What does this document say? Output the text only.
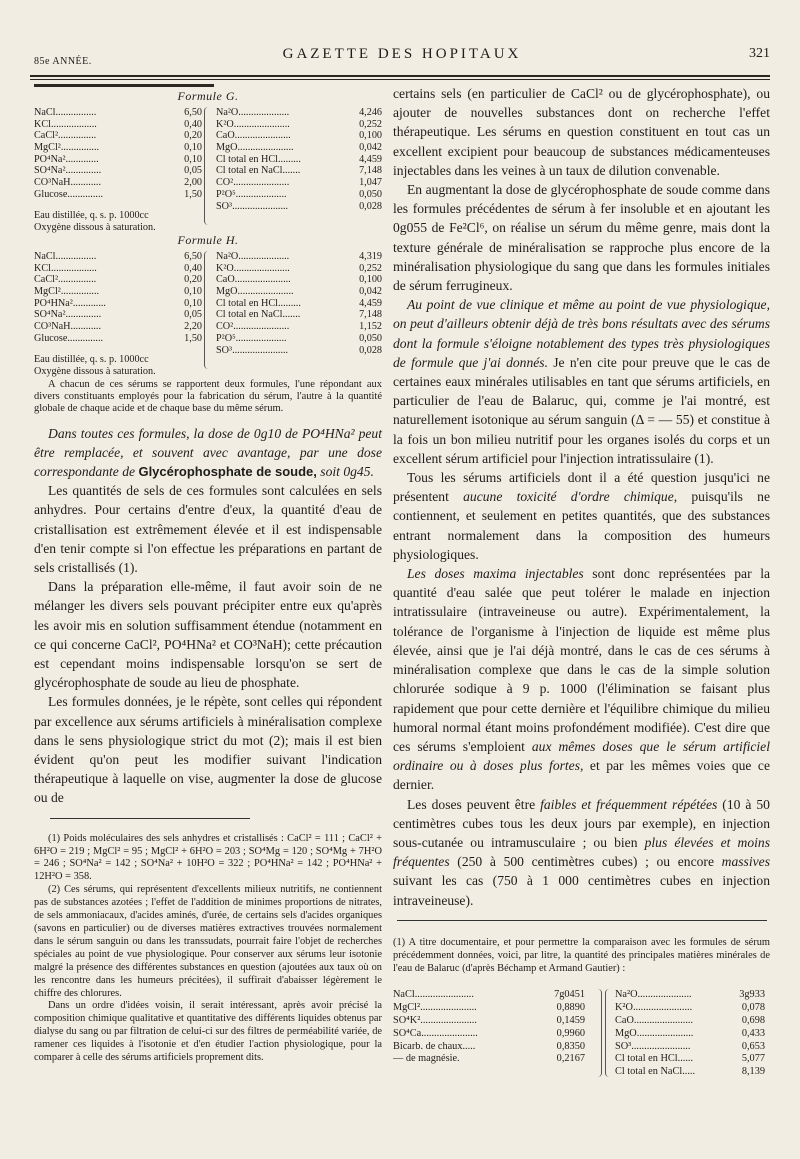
85e ANNÉE.	GAZETTE DES HOPITAUX	321
Formule G.
NaCl................	6,50
KCl..................	0,40
CaCl²...............	0,20
MgCl²...............	0,10
PO⁴Na².............	0,10
SO⁴Na²..............	0,05
CO³NaH............	2,00
Glucose..............	1,50
Na²O....................	4,246
K²O......................	0,252
CaO......................	0,100
MgO......................	0,042
Cl total en HCl.........	4,459
Cl total en NaCl.......	7,148
CO²......................	1,047
P²O⁵....................	0,050
SO³......................	0,028
Eau distillée, q. s. p. 1000cc
Oxygène dissous à saturation.
Formule H.
NaCl................	6,50
KCl..................	0,40
CaCl²...............	0,20
MgCl²...............	0,10
PO⁴HNa².............	0,10
SO⁴Na²..............	0,05
CO³NaH............	2,20
Glucose..............	1,50
Na²O....................	4,319
K²O......................	0,252
CaO......................	0,100
MgO......................	0,042
Cl total en HCl.........	4,459
Cl total en NaCl.......	7,148
CO²......................	1,152
P²O⁵....................	0,050
SO³......................	0,028
Eau distillée, q. s. p. 1000cc
Oxygène dissous à saturation.

A chacun de ces sérums se rapportent deux formules, l'une répondant aux divers constituants employés pour la fabrication du sérum, l'autre à la quantité globale de chaque acide et de chaque base du même sérum.

Dans toutes ces formules, la dose de 0g10 de PO⁴HNa² peut être remplacée, et souvent avec avantage, par une dose correspondante de Glycérophosphate de soude, soit 0g45.

Les quantités de sels de ces formules sont calculées en sels anhydres. Pour certains d'entre d'eux, la quantité d'eau de cristallisation est extrêmement élevée et il est indispensable d'en tenir compte si l'on effectue les préparations en partant de sels cristallisés (1).

Dans la préparation elle-même, il faut avoir soin de ne mélanger les divers sels pouvant précipiter entre eux qu'après les avoir mis en solution suffisamment étendue (notamment en ce qui concerne CaCl², PO⁴HNa² et CO³NaH); cette précaution est cependant moins indispensable lorsqu'on se sert de glycérophosphate de soude au lieu de phosphate.

Les formules données, je le répète, sont celles qui répondent par excellence aux sérums artificiels à minéralisation complexe dans le sens physiologique strict du mot (2); mais il est bien évident qu'on peut les modifier suivant l'indication thérapeutique à laquelle on vise, augmenter la dose de glucose ou de

(1) Poids moléculaires des sels anhydres et cristallisés : CaCl² = 111 ; CaCl² + 6H²O = 219 ; MgCl² = 95 ; MgCl² + 6H²O = 203 ; SO⁴Mg = 120 ; SO⁴Mg + 7H²O = 246 ; SO⁴Na² = 142 ; SO⁴Na² + 10H²O = 322 ; PO⁴HNa² = 142 ; PO⁴HNa² + 12H²O = 358.

(2) Ces sérums, qui représentent d'excellents milieux nutritifs, ne contiennent pas de substances azotées ; l'effet de l'addition de minimes proportions de nitrates, de sels ammoniacaux, d'acides aminés, d'urée, de certains sels d'acides organiques (savons en particulier) ou de diverses matières extractives trouvées normalement dans le sérum sanguin ou dans les transsudats, pourrait faire l'objet de recherches spéciales au point de vue physiologique. Pour conserver aux sérums leur isotonie malgré la présence des différentes substances en question (ajoutées aux taux où on les rencontre dans les humeurs précitées), il suffirait d'abaisser légèrement le chiffre des chlorures.

Dans un ordre d'idées voisin, il serait intéressant, après avoir précisé la composition chimique qualitative et quantitative des différents liquides obtenus par dialyse du sang ou par filtration de celui-ci sur des filtres de perméabilité variée, de ramener ces liquides à l'isotonie et d'en étudier l'action physiologique, pour la comparer à celle des sérums artificiels proprement dits.

certains sels (en particulier de CaCl² ou de glycérophosphate), ou ajouter de nouvelles substances dont on recherche l'effet thérapeutique. Les sérums en question constituent en tout cas un excellent excipient pour beaucoup de substances médicamenteuses injectables dans les veines à un taux de dilution convenable.

En augmentant la dose de glycérophosphate de soude comme dans les formules précédentes de sérum à fer insoluble et en ajoutant les 0g055 de Fe²Cl⁶, on réalise un sérum du même genre, mais dont la texture générale de minéralisation se rapproche plus encore de la minéralisation physiologique du sang que dans les formules initiales de sérum ferrugineux.

Au point de vue clinique et même au point de vue physiologique, on peut d'ailleurs obtenir déjà de très bons résultats avec des sérums dont la formule s'éloigne notablement des types très physiologiques de formule que j'ai donnés. Je n'en cite pour preuve que le cas de certaines eaux minérales utilisables en tant que sérums artificiels, en particulier de l'eau de Balaruc, qui, comme je l'ai montré, est naturellement isotonique au sérum sanguin (Δ = — 55) et constitue à la fois un bon milieu nutritif pour les organes isolés du corps et un excellent sérum artificiel pour l'injection intratissulaire (1).

Tous les sérums artificiels dont il a été question jusqu'ici ne présentent aucune toxicité d'ordre chimique, puisqu'ils ne contiennent, et seulement en petites quantités, que des substances entrant normalement dans la composition des humeurs physiologiques.

Les doses maxima injectables sont donc représentées par la quantité d'eau salée que peut tolérer le malade en injection intratissulaire (intraveineuse ou autre). Expérimentalement, la tolérance de l'organisme à l'injection de liquide est même plus élevée, ainsi que je l'ai déjà montré, dans le cas de ces sérums à minéralisation complexe que dans le cas de la simple solution chlorurée sodique à 9 p. 1000 (l'élimination se faisant plus rapidement que pour cette dernière et l'équilibre chimique du milieu humoral normal étant moins profondément modifiée). C'est dire que ces sérums s'emploient aux mêmes doses que le sérum artificiel ordinaire ou à doses plus fortes, et par les mêmes voies que ce dernier.

Les doses peuvent être faibles et fréquemment répétées (10 à 50 centimètres cubes tous les deux jours par exemple), en injection sous-cutanée ou intramusculaire ; ou bien plus élevées et moins fréquentes (250 à 500 centimètres cubes) ; ou encore massives suivant les cas (750 à 1 000 centimètres cubes en injection intraveineuse).

(1) A titre documentaire, et pour permettre la comparaison avec les formules de sérum précédemment données, voici, par litre, la quantité des principales matières minérales de l'eau de Balaruc (d'après Béchamp et Armand Gautier) :

NaCl.......................	7g0451
MgCl²......................	0,8890
SO⁴K²......................	0,1459
SO⁴Ca......................	0,9960
Bicarb. de chaux.....	0,8350
— de magnésie.	0,2167
Na²O.....................	3g933
K²O.......................	0,078
CaO.......................	0,698
MgO......................	0,433
SO³.......................	0,653
Cl total en HCl......	5,077
Cl total en NaCl.....	8,139
